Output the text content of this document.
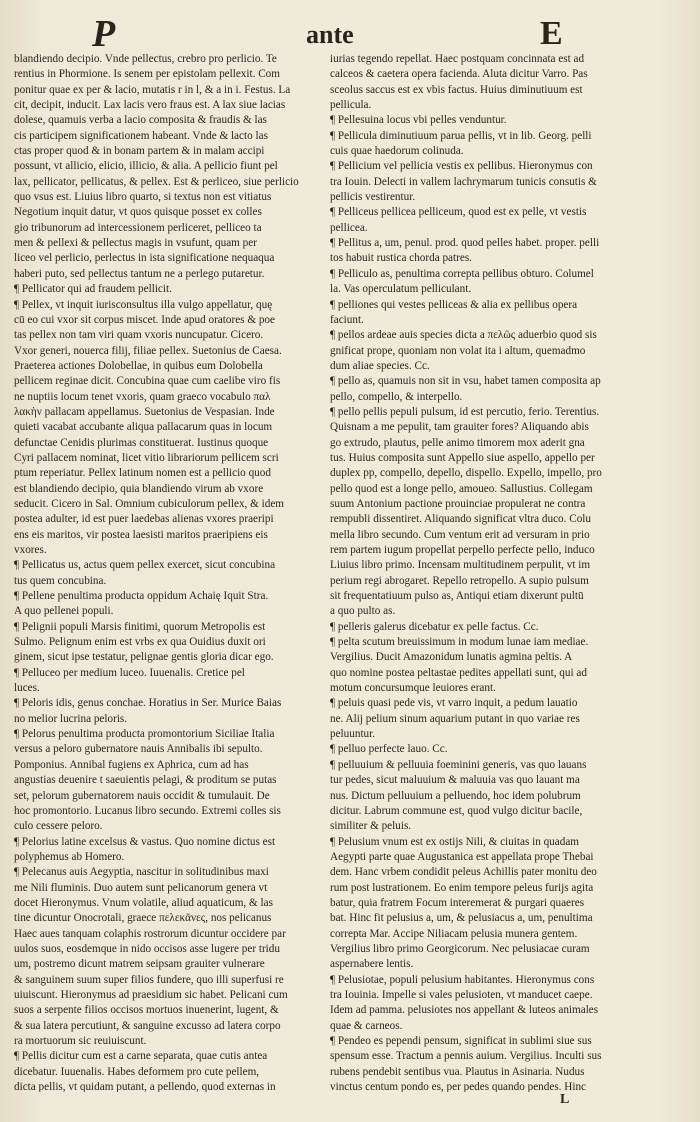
P	ante	E
blandiendo decipio. Vnde pellectus, crebro pro perlicio. Te
rentius in Phormione. Is senem per epistolam pellexit. Com
ponitur quae ex per & lacio, mutatis r in l, & a in i. Festus. La
cit, decipit, inducit. Lax lacis vero fraus est. A lax siue lacias
dolese, quamuis verba a lacio composita & fraudis & las
cis participem significationem habeant. Vnde & lacto las
ctas proper quod & in bonam partem & in malam accipi
possunt, vt allicio, elicio, illicio, & alia. A pellicio fiunt pel
lax, pellicator, pellicatus, & pellex. Est & perliceo, siue perlicio
quo vsus est. Liuius libro quarto, si textus non est vitiatus
Negotium inquit datur, vt quos quisque posset ex colles
gio tribunorum ad intercessionem perliceret, pelliceo ta
men & pellexi & pellectus magis in vsufunt, quam per
liceo vel perlicio, perlectus in ista significatione nequaqua
haberi puto, sed pellectus tantum ne a perlego putaretur.
¶ Pellicator qui ad fraudem pellicit.
¶ Pellex, vt inquit iurisconsultus illa vulgo appellatur, quę
cū eo cui vxor sit corpus miscet. Inde apud oratores & poe
tas pellex non tam viri quam vxoris nuncupatur. Cicero.
Vxor generi, nouerca filij, filiae pellex. Suetonius de Caesa.
Praeterea actiones Dolobellae, in quibus eum Dolobella
pellicem reginae dicit. Concubina quae cum caelibe viro fis
ne nuptiis locum tenet vxoris, quam graeco vocabulo παλ
λακὴν pallacam appellamus. Suetonius de Vespasian. Inde
quieti vacabat accubante aliqua pallacarum quas in locum
defunctae Cenidis plurimas constituerat. Iustinus quoque
Cyri pallacem nominat, licet vitio librariorum pellicem scri
ptum reperiatur. Pellex latinum nomen est a pellicio quod
est blandiendo decipio, quia blandiendo virum ab vxore
seducit. Cicero in Sal. Omnium cubiculorum pellex, & idem
postea adulter, id est puer laedebas alienas vxores praeripi
ens eis maritos, vir postea laesisti maritos praeripiens eis
vxores.
¶ Pellicatus us, actus quem pellex exercet, sicut concubina
tus quem concubina.
¶ Pellene penultima producta oppidum Achaię Iquit Stra.
A quo pellenei populi.
¶ Pelignii populi Marsis finitimi, quorum Metropolis est
Sulmo. Pelignum enim est vrbs ex qua Ouidius duxit ori
ginem, sicut ipse testatur, pelignae gentis gloria dicar ego.
¶ Pelluceo per medium luceo. Iuuenalis. Cretice pel
luces.
¶ Peloris idis, genus conchae. Horatius in Ser. Murice Baias
no melior lucrina peloris.
¶ Pelorus penultima producta promontorium Siciliae Italia
versus a peloro gubernatore nauis Annibalis ibi sepulto.
Pomponius. Annibal fugiens ex Aphrica, cum ad has
angustias deuenire t saeuientis pelagi, & proditum se putas
set, pelorum gubernatorem nauis occidit & tumulauit. De
hoc promontorio. Lucanus libro secundo. Extremi colles sis
culo cessere peloro.
¶ Pelorius latine excelsus & vastus. Quo nomine dictus est
polyphemus ab Homero.
¶ Pelecanus auis Aegyptia, nascitur in solitudinibus maxi
me Nili fluminis. Duo autem sunt pelicanorum genera vt
docet Hieronymus. Vnum volatile, aliud aquaticum, & las
tine dicuntur Onocrotali, graece πελεκᾶνες, nos pelicanus
Haec aues tanquam colaphis rostrorum dicuntur occidere par
uulos suos, eosdemque in nido occisos asse lugere per tridu
um, postremo dicunt matrem seipsam grauiter vulnerare
& sanguinem suum super filios fundere, quo illi superfusi re
uiuiscunt. Hieronymus ad praesidium sic habet. Pelicani cum
suos a serpente filios occisos mortuos inuenerint, lugent, &
& sua latera percutiunt, & sanguine excusso ad latera corpo
ra mortuorum sic reuiuiscunt.
¶ Pellis dicitur cum est a carne separata, quae cutis antea
dicebatur. Iuuenalis. Habes deformem pro cute pellem,
dicta pellis, vt quidam putant, a pellendo, quod externas in
iurias tegendo repellat. Haec postquam concinnata est ad
calceos & caetera opera facienda. Aluta dicitur Varro. Pas
sceolus saccus est ex vbis factus. Huius diminutiuum est
pellicula.
¶ Pellesuina locus vbi pelles venduntur.
¶ Pellicula diminutiuum parua pellis, vt in lib. Georg. pelli
cuis quae haedorum colinuda.
¶ Pellicium vel pellicia vestis ex pellibus. Hieronymus con
tra Iouin. Delecti in vallem lachrymarum tunicis consutis &
pellicis vestirentur.
¶ Pelliceus pellicea pelliceum, quod est ex pelle, vt vestis
pellicea.
¶ Pellitus a, um, penul. prod. quod pelles habet. proper. pelli
tos habuit rustica chorda patres.
¶ Pelliculo as, penultima correpta pellibus obturo. Columel
la. Vas operculatum pelliculant.
¶ pelliones qui vestes pelliceas & alia ex pellibus opera
faciunt.
¶ pellos ardeae auis species dicta a πελῶς aduerbio quod sis
gnificat prope, quoniam non volat ita i altum, quemadmo
dum aliae species. Cc.
¶ pello as, quamuis non sit in vsu, habet tamen composita ap
pello, compello, & interpello.
¶ pello pellis pepuli pulsum, id est percutio, ferio. Terentius.
Quisnam a me pepulit, tam grauiter fores? Aliquando abis
go extrudo, plautus, pelle animo timorem mox aderit gna
tus. Huius composita sunt Appello siue aspello, appello per
duplex pp, compello, depello, dispello. Expello, impello, pro
pello quod est a longe pello, amoueo. Sallustius. Collegam
suum Antonium pactione prouinciae propulerat ne contra
rempubli dissentiret. Aliquando significat vltra duco. Colu
mella libro secundo. Cum ventum erit ad versuram in prio
rem partem iugum propellat perpello perfecte pello, induco
Liuius libro primo. Incensam multitudinem perpulit, vt im
perium regi abrogaret. Repello retropello. A supio pulsum
sit frequentatiuum pulso as, Antiqui etiam dixerunt pultū
a quo pulto as.
¶ pelleris galerus dicebatur ex pelle factus. Cc.
¶ pelta scutum breuissimum in modum lunae iam mediae.
Vergilius. Ducit Amazonidum lunatis agmina peltis. A
quo nomine postea peltastae pedites appellati sunt, qui ad
motum concursumque leuiores erant.
¶ peluis quasi pede vis, vt varro inquit, a pedum lauatio
ne. Alij pelium sinum aquarium putant in quo variae res
peluuntur.
¶ pelluo perfecte lauo. Cc.
¶ pelluuium & pelluuia foeminini generis, vas quo lauans
tur pedes, sicut maluuium & maluuia vas quo lauant ma
nus. Dictum pelluuium a pelluendo, hoc idem polubrum
dicitur. Labrum commune est, quod vulgo dicitur bacile,
similiter & peluis.
¶ Pelusium vnum est ex ostijs Nili, & ciuitas in quadam
Aegypti parte quae Augustanica est appellata prope Thebai
dem. Hanc vrbem condidit peleus Achillis pater monitu deo
rum post lustrationem. Eo enim tempore peleus furijs agita
batur, quia fratrem Focum interemerat & purgari quaeres
bat. Hinc fit pelusius a, um, & pelusiacus a, um, penultima
correpta Mar. Accipe Niliacam pelusia munera gentem.
Vergilius libro primo Georgicorum. Nec pelusiacae curam
aspernabere lentis.
¶ Pelusiotae, populi pelusium habitantes. Hieronymus cons
tra Iouinia. Impelle si vales pelusioten, vt manducet caepe.
Idem ad pamma. pelusiotes nos appellant & luteos animales
quae & carneos.
¶ Pendeo es pependi pensum, significat in sublimi siue sus
spensum esse. Tractum a pennis auium. Vergilius. Inculti sus
rubens pendebit sentibus vua. Plautus in Asinaria. Nudus
vinctus centum pondo es, per pedes quando pendes. Hinc
L
